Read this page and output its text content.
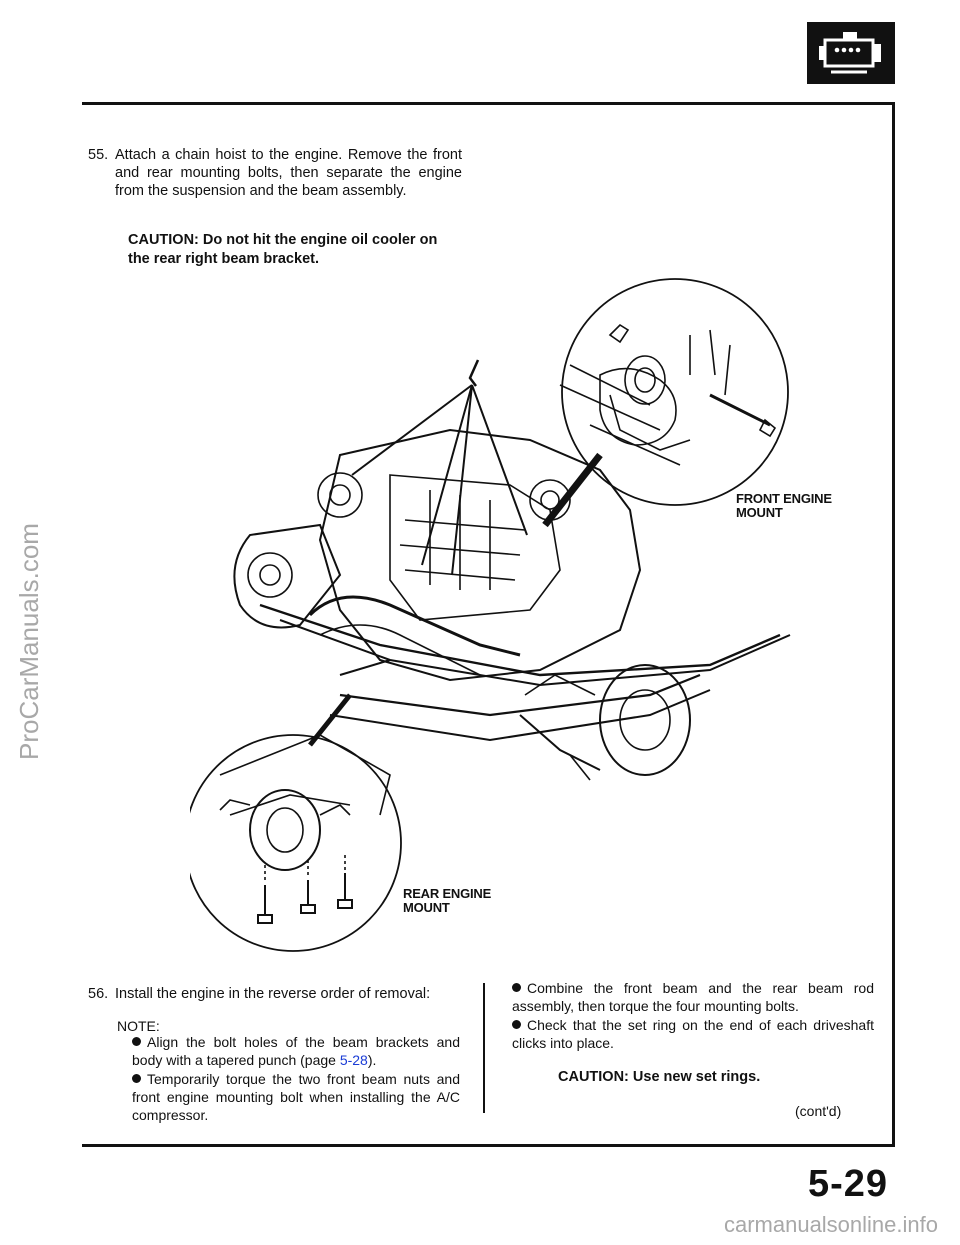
55. Attach a chain hoist to the engine. Remove the front and rear mounting bolts, then separate the engine from the suspension and the beam assembly.
CAUTION: Do not hit the engine oil cooler on the rear right beam bracket.
FRONT ENGINE
MOUNT
REAR ENGINE
MOUNT
56. Install the engine in the reverse order of removal:
NOTE:
Align the bolt holes of the beam brackets and body with a tapered punch (page 5-28).
Temporarily torque the two front beam nuts and front engine mounting bolt when installing the A/C compressor.
Combine the front beam and the rear beam rod assembly, then torque the four mounting bolts.
Check that the set ring on the end of each driveshaft clicks into place.
CAUTION: Use new set rings.
(cont'd)
5-29
ProCarManuals.com
carmanualsonline.info
